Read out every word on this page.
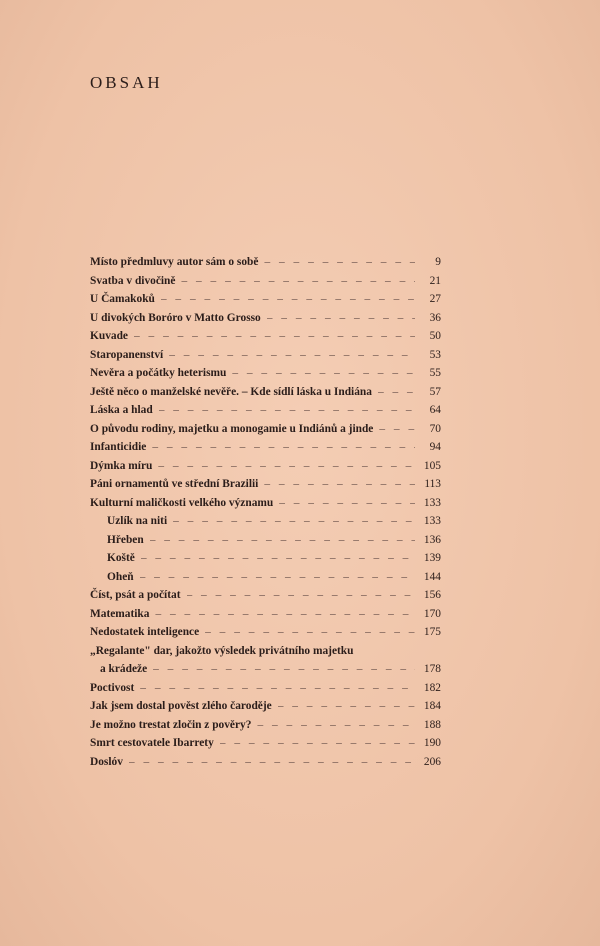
OBSAH
Místo předmluvy autor sám o sobě – – –	9
Svatba v divočině – – –	21
U Čamakoků – – –	27
U divokých Boróro v Matto Grosso – – –	36
Kuvade – – –	50
Staropanenství – – –	53
Nevěra a počátky heterismu – – –	55
Ještě něco o manželské nevěře. – Kde sídlí láska u Indiána – – –	57
Láska a hlad – – –	64
O původu rodiny, majetku a monogamie u Indiánů a jinde – – –	70
Infanticidie – – –	94
Dýmka míru – – –	105
Páni ornamentů ve střední Brazilii – – –	113
Kulturní maličkosti velkého významu – – –	133
Uzlík na niti – – –	133
Hřeben – – –	136
Koště – – –	139
Oheň – – –	144
Číst, psát a počítat – – –	156
Matematika – – –	170
Nedostatek inteligence – – –	175
„Regalante" dar, jakožto výsledek privátního majetku
a krádeže – – –	178
Poctivost – – –	182
Jak jsem dostal pověst zlého čaroděje – – –	184
Je možno trestat zločin z pověry? – – –	188
Smrt cestovatele Ibarrety – – –	190
Doslóv – – –	206
